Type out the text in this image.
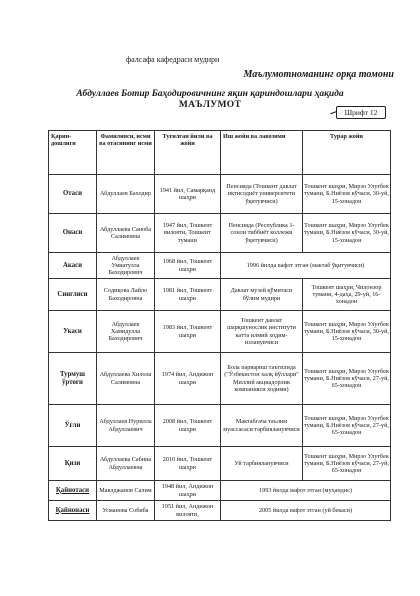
фалсафа кафедраси мудири
Маълумотноманинг орқа томони
Абдуллаев Ботир Баҳодировичнинг яқин қариндошлари ҳақида
МАЪЛУМОТ
Шрифт 12
Қарин-дошлиги	Фамилияси, исми ва отасининг исми	Туғилган йили ва жойи	Иш жойи ва лавозими	Турар жойи
Отаси	Абдуллаев Баходир	1941 йил, Самарқанд шаҳри	Пенсияда (Тошкент давлат иқтисодиёт университети ўқитувчиси)	Тошкент шаҳри, Мирзо Улуғбек тумани, Б.Ниёзов кўчаси, 30-уй, 15-хонадон
Онаси	Абдуллаева Саноба Салимовна	1947 йил, Тошкент вилояти, Тошкент тумани	Пенсияда (Республика 1-сонли тиббиёт коллежи ўқитувчиси)	Тошкент шаҳри, Мирзо Улуғбек тумани, Б.Ниёзов кўчаси, 30-уй, 15-хонадон
Акаси	Абдуллаев Умиатулла Баходирович	1968 йил, Тошкент шаҳри	1996 йилда вафот этган (мактаб ўқитувчиси)	
Синглиси	Содиқова Лайло Баходировна	1981 йил, Тошкент шаҳри	Давлат музей қўмитаси бўлим мудири	Тошкент шаҳри, Чилонзор тумани, 4-даҳа, 29-уй, 16-хонадон
Укаси	Абдуллаев Хамидулла Баходирович	1983 йил, Тошкент шаҳри	Тошкент давлат шарқшунослик институти катта илмий ходим-изланувчиси	Тошкент шаҳри, Мирзо Улуғбек тумани, Б.Ниёзов кўчаси, 30-уй, 15-хонадон
Турмуш ўртоғи	Абдуллаева Хилола Салимовна	1974 йил, Андижон шаҳри	Бола парвариш таътилида ("Ўзбекистон халқ йўллари" Миллий акциадорлик компанияси ходими)	Тошкент шаҳри, Мирзо Улуғбек тумани, Б.Ниёзов кўчаси, 27-уй, 65-хонадон
Ўғли	Абдуллаев Нурилла Абдуллаевич	2008 йил, Тошкент шаҳри	Мактабгача таълим муассасаси тарбияланувчиси	Тошкент шаҳри, Мирзо Улуғбек тумани, Б.Ниёзов кўчаси, 27-уй, 65-хонадон
Қизи	Абдуллаева Сабина Абдуллаевна	2010 йил, Тошкент шаҳри	Уй тарбияланувчиси	Тошкент шаҳри, Мирзо Улуғбек тумани, Б.Ниёзов кўчаси, 27-уй, 65-хонадон
Қайнотаси	Мавлджанов Салим	1948 йил, Андижон шаҳри	1993 йилда вафот этган (муҳандис)	
Қайнонаси	Усманова Собиба	1951 йил, Андижон вилояти,	2005 йилда вафот этган (уй бекаси)	
